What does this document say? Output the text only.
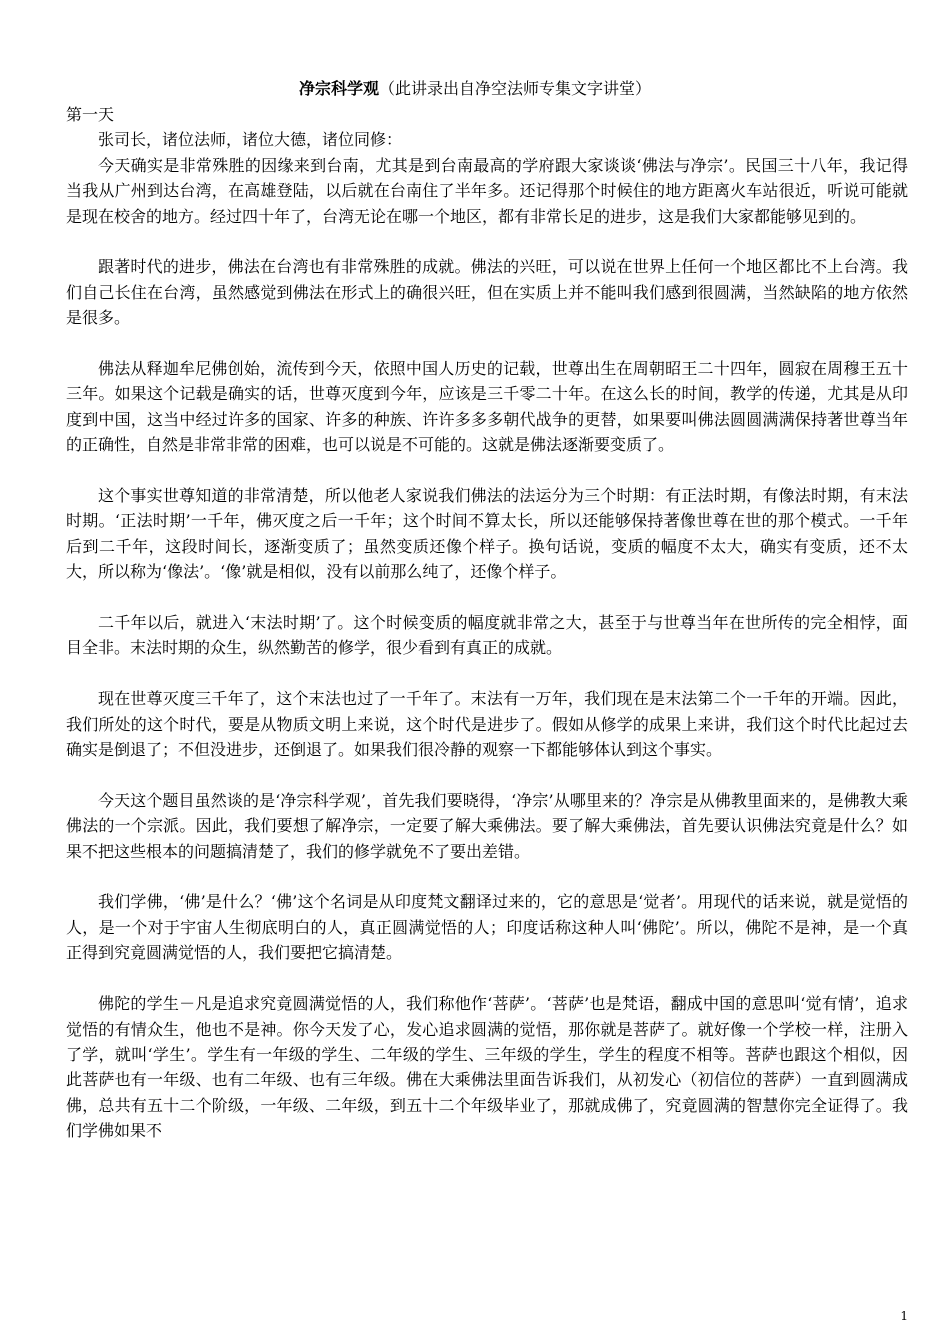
净宗科学观（此讲录出自净空法师专集文字讲堂）

第一天

张司长，诸位法师，诸位大德，诸位同修：

今天确实是非常殊胜的因缘来到台南，尤其是到台南最高的学府跟大家谈谈‘佛法与净宗’。民国三十八年，我记得当我从广州到达台湾，在高雄登陆，以后就在台南住了半年多。还记得那个时候住的地方距离火车站很近，听说可能就是现在校舍的地方。经过四十年了，台湾无论在哪一个地区，都有非常长足的进步，这是我们大家都能够见到的。

跟著时代的进步，佛法在台湾也有非常殊胜的成就。佛法的兴旺，可以说在世界上任何一个地区都比不上台湾。我们自己长住在台湾，虽然感觉到佛法在形式上的确很兴旺，但在实质上并不能叫我们感到很圆满，当然缺陷的地方依然是很多。

佛法从释迦牟尼佛创始，流传到今天，依照中国人历史的记载，世尊出生在周朝昭王二十四年，圆寂在周穆王五十三年。如果这个记载是确实的话，世尊灭度到今年，应该是三千零二十年。在这么长的时间，教学的传递，尤其是从印度到中国，这当中经过许多的国家、许多的种族、许许多多多朝代战争的更替，如果要叫佛法圆圆满满保持著世尊当年的正确性，自然是非常非常的困难，也可以说是不可能的。这就是佛法逐渐要变质了。

这个事实世尊知道的非常清楚，所以他老人家说我们佛法的法运分为三个时期：有正法时期，有像法时期，有末法时期。‘正法时期’一千年，佛灭度之后一千年；这个时间不算太长，所以还能够保持著像世尊在世的那个模式。一千年后到二千年，这段时间长，逐渐变质了；虽然变质还像个样子。换句话说，变质的幅度不太大，确实有变质，还不太大，所以称为‘像法’。‘像’就是相似，没有以前那么纯了，还像个样子。

二千年以后，就进入‘末法时期’了。这个时候变质的幅度就非常之大，甚至于与世尊当年在世所传的完全相悖，面目全非。末法时期的众生，纵然勤苦的修学，很少看到有真正的成就。

现在世尊灭度三千年了，这个末法也过了一千年了。末法有一万年，我们现在是末法第二个一千年的开端。因此，我们所处的这个时代，要是从物质文明上来说，这个时代是进步了。假如从修学的成果上来讲，我们这个时代比起过去确实是倒退了；不但没进步，还倒退了。如果我们很冷静的观察一下都能够体认到这个事实。

今天这个题目虽然谈的是‘净宗科学观’，首先我们要晓得，‘净宗’从哪里来的？净宗是从佛教里面来的，是佛教大乘佛法的一个宗派。因此，我们要想了解净宗，一定要了解大乘佛法。要了解大乘佛法，首先要认识佛法究竟是什么？如果不把这些根本的问题搞清楚了，我们的修学就免不了要出差错。

我们学佛，‘佛’是什么？‘佛’这个名词是从印度梵文翻译过来的，它的意思是‘觉者’。用现代的话来说，就是觉悟的人，是一个对于宇宙人生彻底明白的人，真正圆满觉悟的人；印度话称这种人叫‘佛陀’。所以，佛陀不是神，是一个真正得到究竟圆满觉悟的人，我们要把它搞清楚。

佛陀的学生－凡是追求究竟圆满觉悟的人，我们称他作‘菩萨’。‘菩萨’也是梵语，翻成中国的意思叫‘觉有情’，追求觉悟的有情众生，他也不是神。你今天发了心，发心追求圆满的觉悟，那你就是菩萨了。就好像一个学校一样，注册入了学，就叫‘学生’。学生有一年级的学生、二年级的学生、三年级的学生，学生的程度不相等。菩萨也跟这个相似，因此菩萨也有一年级、也有二年级、也有三年级。佛在大乘佛法里面告诉我们，从初发心（初信位的菩萨）一直到圆满成佛，总共有五十二个阶级，一年级、二年级，到五十二个年级毕业了，那就成佛了，究竟圆满的智慧你完全证得了。我们学佛如果不

1
